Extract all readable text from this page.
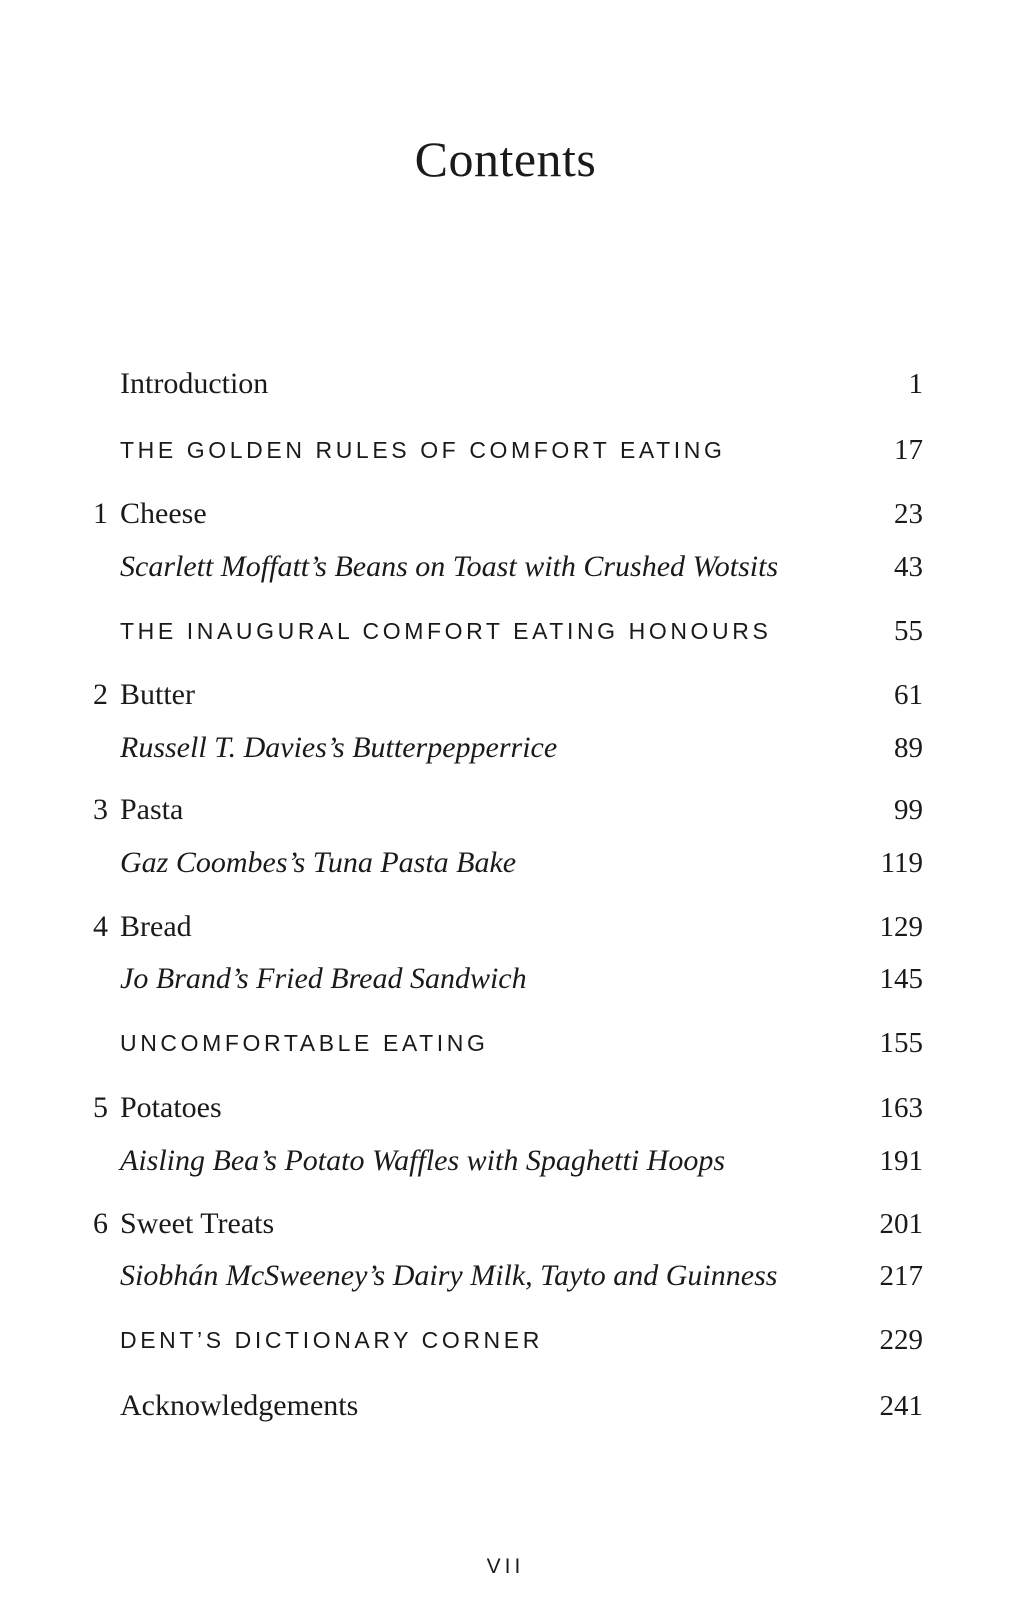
Contents
Introduction	1
THE GOLDEN RULES OF COMFORT EATING	17
1 Cheese	23
Scarlett Moffatt’s Beans on Toast with Crushed Wotsits	43
THE INAUGURAL COMFORT EATING HONOURS	55
2 Butter	61
Russell T. Davies’s Butterpepperrice	89
3 Pasta	99
Gaz Coombes’s Tuna Pasta Bake	119
4 Bread	129
Jo Brand’s Fried Bread Sandwich	145
UNCOMFORTABLE EATING	155
5 Potatoes	163
Aisling Bea’s Potato Waffles with Spaghetti Hoops	191
6 Sweet Treats	201
Siobhán McSweeney’s Dairy Milk, Tayto and Guinness	217
DENT’S DICTIONARY CORNER	229
Acknowledgements	241
VII
